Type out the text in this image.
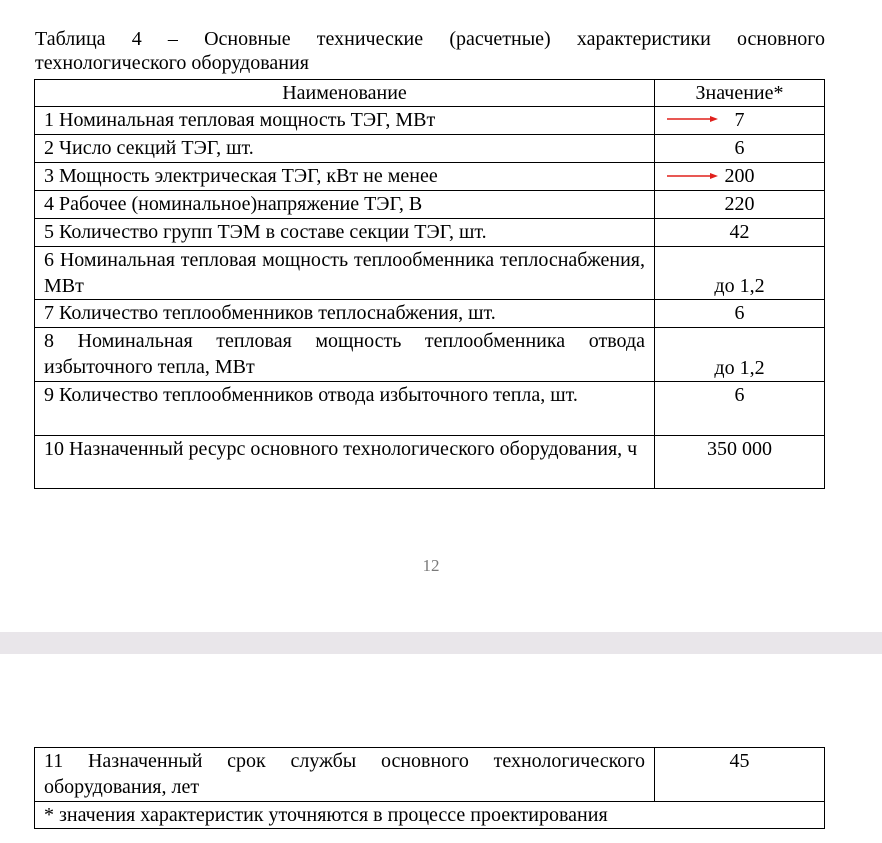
Таблица 4 – Основные технические (расчетные) характеристики основного
технологического оборудования
Наименование	Значение*
1 Номинальная тепловая мощность ТЭГ, МВт	7
2 Число секций ТЭГ, шт.	6
3 Мощность электрическая ТЭГ, кВт не менее	200
4 Рабочее (номинальное)напряжение ТЭГ, В	220
5 Количество групп ТЭМ в составе секции ТЭГ, шт.	42
6 Номинальная тепловая мощность теплообменника теплоснабжения, МВт	до 1,2
7 Количество теплообменников теплоснабжения, шт.	6
8 Номинальная тепловая мощность теплообменника отвода избыточного тепла, МВт	до 1,2
9 Количество теплообменников отвода избыточного тепла, шт.	6
10 Назначенный ресурс основного технологического оборудования, ч	350 000
12
11 Назначенный срок службы основного технологического оборудования, лет	45
* значения характеристик уточняются в процессе проектирования
